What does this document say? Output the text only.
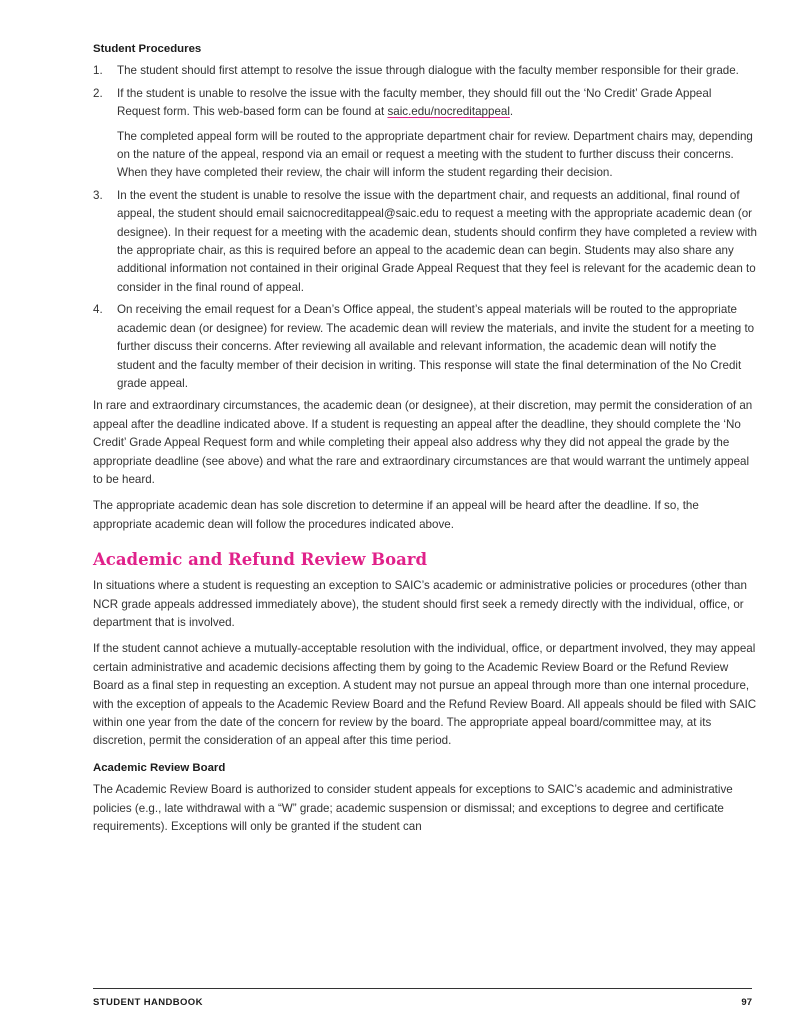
Student Procedures
1. The student should first attempt to resolve the issue through dialogue with the faculty member responsible for their grade.

2. If the student is unable to resolve the issue with the faculty member, they should fill out the ‘No Credit’ Grade Appeal Request form. This web-based form can be found at saic.edu/nocreditappeal.

The completed appeal form will be routed to the appropriate department chair for review. Department chairs may, depending on the nature of the appeal, respond via an email or request a meeting with the student to further discuss their concerns. When they have completed their review, the chair will inform the student regarding their decision.

3. In the event the student is unable to resolve the issue with the department chair, and requests an additional, final round of appeal, the student should email saicnocreditappeal@saic.edu to request a meeting with the appropriate academic dean (or designee). In their request for a meeting with the academic dean, students should confirm they have completed a review with the appropriate chair, as this is required before an appeal to the academic dean can begin. Students may also share any additional information not contained in their original Grade Appeal Request that they feel is relevant for the academic dean to consider in the final round of appeal.

4. On receiving the email request for a Dean’s Office appeal, the student’s appeal materials will be routed to the appropriate academic dean (or designee) for review. The academic dean will review the materials, and invite the student for a meeting to further discuss their concerns. After reviewing all available and relevant information, the academic dean will notify the student and the faculty member of their decision in writing. This response will state the final determination of the No Credit grade appeal.

In rare and extraordinary circumstances, the academic dean (or designee), at their discretion, may permit the consideration of an appeal after the deadline indicated above. If a student is requesting an appeal after the deadline, they should complete the ‘No Credit’ Grade Appeal Request form and while completing their appeal also address why they did not appeal the grade by the appropriate deadline (see above) and what the rare and extraordinary circumstances are that would warrant the untimely appeal to be heard.

The appropriate academic dean has sole discretion to determine if an appeal will be heard after the deadline. If so, the appropriate academic dean will follow the procedures indicated above.

Academic and Refund Review Board

In situations where a student is requesting an exception to SAIC’s academic or administrative policies or procedures (other than NCR grade appeals addressed immediately above), the student should first seek a remedy directly with the individual, office, or department that is involved.

If the student cannot achieve a mutually-acceptable resolution with the individual, office, or department involved, they may appeal certain administrative and academic decisions affecting them by going to the Academic Review Board or the Refund Review Board as a final step in requesting an exception. A student may not pursue an appeal through more than one internal procedure, with the exception of appeals to the Academic Review Board and the Refund Review Board. All appeals should be filed with SAIC within one year from the date of the concern for review by the board. The appropriate appeal board/committee may, at its discretion, permit the consideration of an appeal after this time period.

Academic Review Board

The Academic Review Board is authorized to consider student appeals for exceptions to SAIC’s academic and administrative policies (e.g., late withdrawal with a “W” grade; academic suspension or dismissal; and exceptions to degree and certificate requirements). Exceptions will only be granted if the student can

STUDENT HANDBOOK	97
